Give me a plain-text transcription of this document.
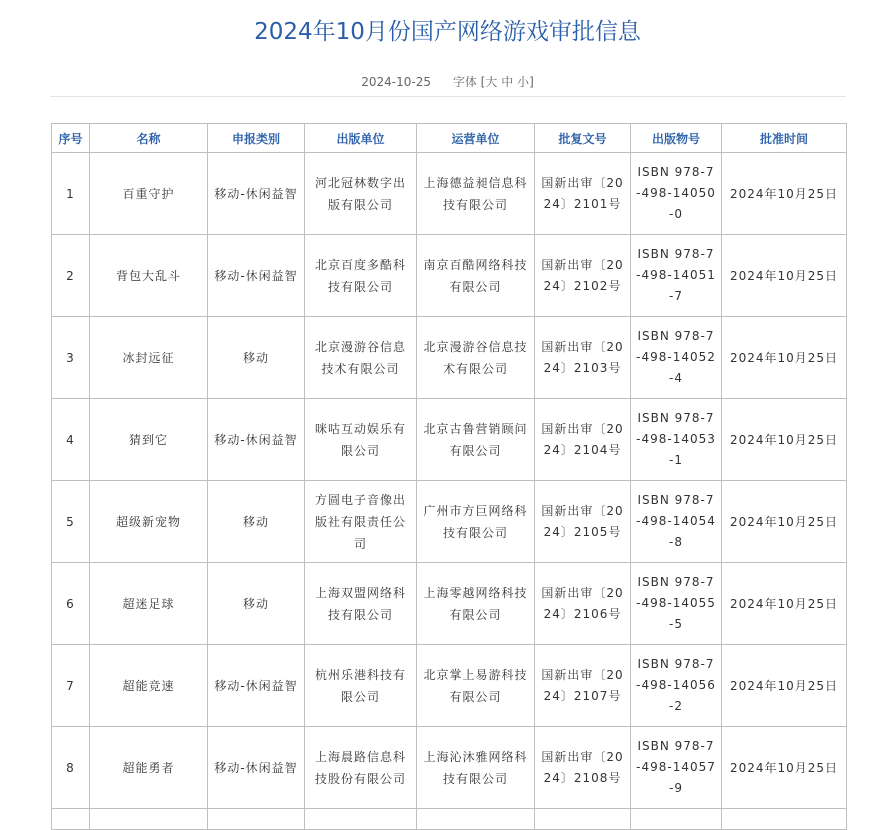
2024年10月份国产网络游戏审批信息
2024-10-25 字体 [大 中 小]
序号	名称	申报类别	出版单位	运营单位	批复文号	出版物号	批准时间
1	百重守护	移动-休闲益智	河北冠林数字出版有限公司	上海德益昶信息科技有限公司	国新出审〔2024〕2101号	ISBN 978-7-498-14050-0	2024年10月25日
2	背包大乱斗	移动-休闲益智	北京百度多酷科技有限公司	南京百酷网络科技有限公司	国新出审〔2024〕2102号	ISBN 978-7-498-14051-7	2024年10月25日
3	冰封远征	移动	北京漫游谷信息技术有限公司	北京漫游谷信息技术有限公司	国新出审〔2024〕2103号	ISBN 978-7-498-14052-4	2024年10月25日
4	猜到它	移动-休闲益智	咪咕互动娱乐有限公司	北京古鲁营销顾问有限公司	国新出审〔2024〕2104号	ISBN 978-7-498-14053-1	2024年10月25日
5	超级新宠物	移动	方圆电子音像出版社有限责任公司	广州市方巨网络科技有限公司	国新出审〔2024〕2105号	ISBN 978-7-498-14054-8	2024年10月25日
6	超迷足球	移动	上海双盟网络科技有限公司	上海零越网络科技有限公司	国新出审〔2024〕2106号	ISBN 978-7-498-14055-5	2024年10月25日
7	超能竞速	移动-休闲益智	杭州乐港科技有限公司	北京掌上易游科技有限公司	国新出审〔2024〕2107号	ISBN 978-7-498-14056-2	2024年10月25日
8	超能勇者	移动-休闲益智	上海晨路信息科技股份有限公司	上海沁沐雅网络科技有限公司	国新出审〔2024〕2108号	ISBN 978-7-498-14057-9	2024年10月25日
